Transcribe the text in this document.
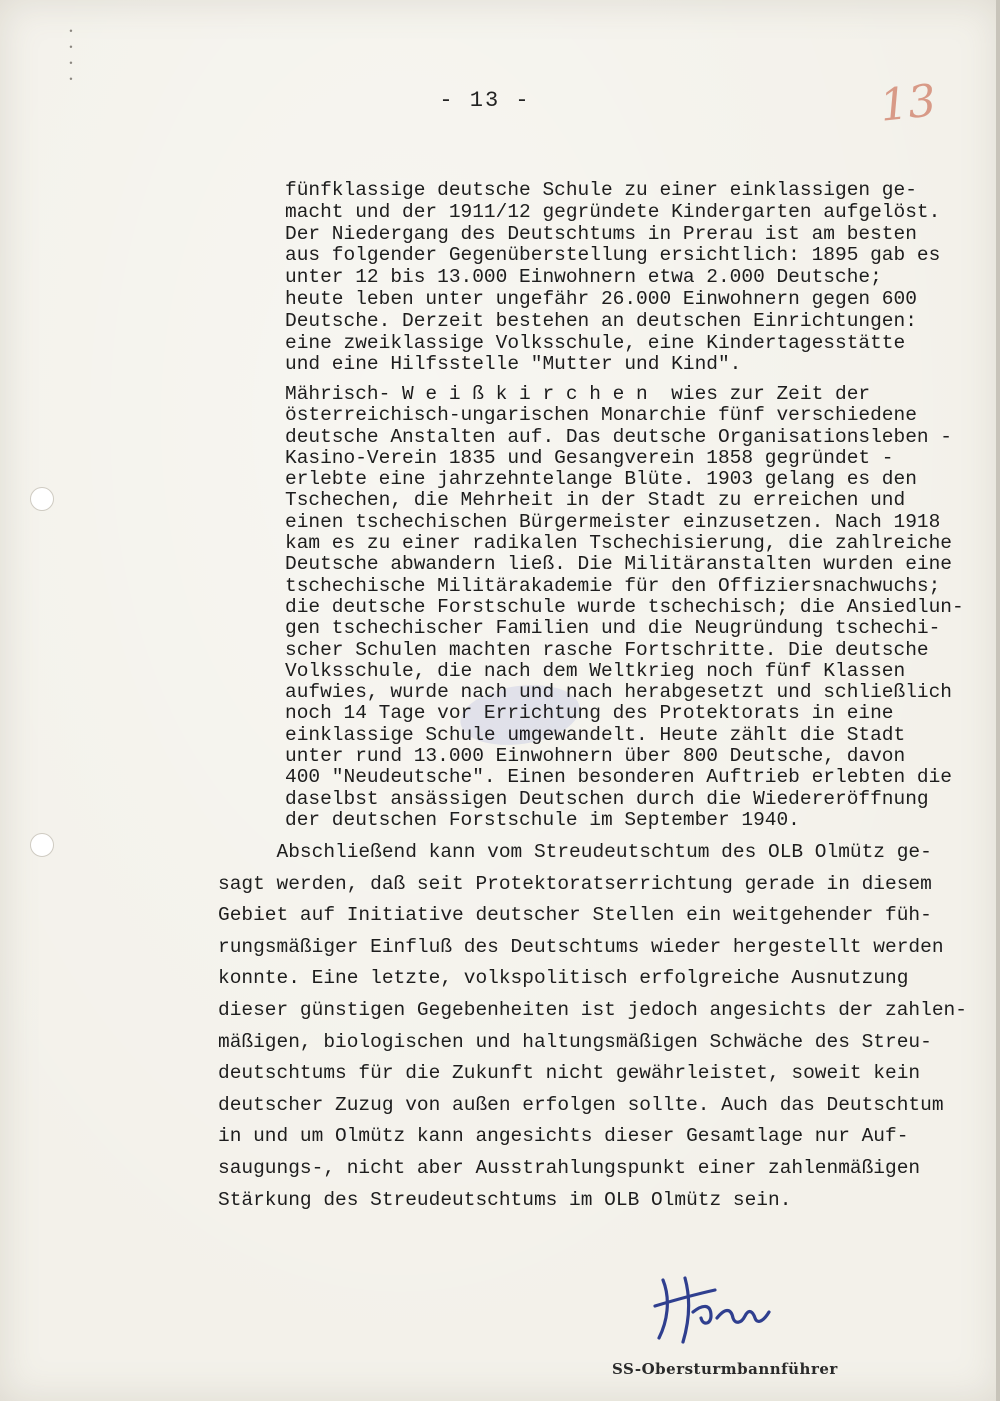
•
•
•
•
- 13 -	13
fünfklassige deutsche Schule zu einer einklassigen ge-
macht und der 1911/12 gegründete Kindergarten aufgelöst.
Der Niedergang des Deutschtums in Prerau ist am besten
aus folgender Gegenüberstellung ersichtlich: 1895 gab es
unter 12 bis 13.000 Einwohnern etwa 2.000 Deutsche;
heute leben unter ungefähr 26.000 Einwohnern gegen 600
Deutsche. Derzeit bestehen an deutschen Einrichtungen:
eine zweiklassige Volksschule, eine Kindertagesstätte
und eine Hilfsstelle "Mutter und Kind".
Mährisch- W e i ß k i r c h e n  wies zur Zeit der
österreichisch-ungarischen Monarchie fünf verschiedene
deutsche Anstalten auf. Das deutsche Organisationsleben -
Kasino-Verein 1835 und Gesangverein 1858 gegründet -
erlebte eine jahrzehntelange Blüte. 1903 gelang es den
Tschechen, die Mehrheit in der Stadt zu erreichen und
einen tschechischen Bürgermeister einzusetzen. Nach 1918
kam es zu einer radikalen Tschechisierung, die zahlreiche
Deutsche abwandern ließ. Die Militäranstalten wurden eine
tschechische Militärakademie für den Offiziersnachwuchs;
die deutsche Forstschule wurde tschechisch; die Ansiedlun-
gen tschechischer Familien und die Neugründung tschechi-
scher Schulen machten rasche Fortschritte. Die deutsche
Volksschule, die nach dem Weltkrieg noch fünf Klassen
aufwies, wurde nach und nach herabgesetzt und schließlich
noch 14 Tage vor Errichtung des Protektorats in eine
einklassige Schule umgewandelt. Heute zählt die Stadt
unter rund 13.000 Einwohnern über 800 Deutsche, davon
400 "Neudeutsche". Einen besonderen Auftrieb erlebten die
daselbst ansässigen Deutschen durch die Wiedereröffnung
der deutschen Forstschule im September 1940.
Abschließend kann vom Streudeutschtum des OLB Olmütz ge-
sagt werden, daß seit Protektoratserrichtung gerade in diesem
Gebiet auf Initiative deutscher Stellen ein weitgehender füh-
rungsmäßiger Einfluß des Deutschtums wieder hergestellt werden
konnte. Eine letzte, volkspolitisch erfolgreiche Ausnutzung
dieser günstigen Gegebenheiten ist jedoch angesichts der zahlen-
mäßigen, biologischen und haltungsmäßigen Schwäche des Streu-
deutschtums für die Zukunft nicht gewährleistet, soweit kein
deutscher Zuzug von außen erfolgen sollte. Auch das Deutschtum
in und um Olmütz kann angesichts dieser Gesamtlage nur Auf-
saugungs-, nicht aber Ausstrahlungspunkt einer zahlenmäßigen
Stärkung des Streudeutschtums im OLB Olmütz sein.
SS-Obersturmbannführer
